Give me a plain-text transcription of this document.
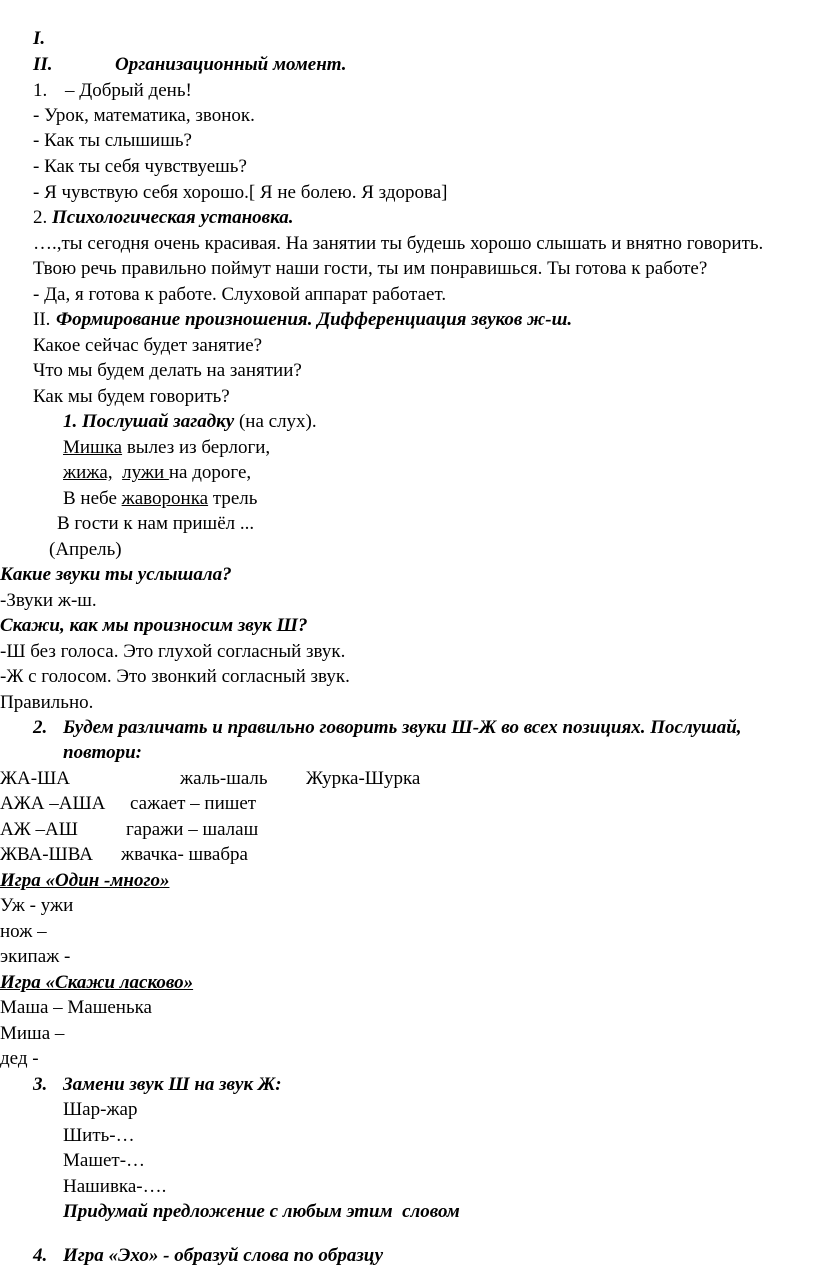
I.
II.	Организационный момент.
1. – Добрый день!
- Урок, математика, звонок.
- Как ты слышишь?
- Как ты себя чувствуешь?
- Я чувствую себя хорошо.[ Я не болею. Я здорова]
2. Психологическая установка.
….,ты сегодня очень красивая. На занятии ты будешь хорошо слышать и внятно говорить.
Твою речь правильно поймут наши гости, ты им понравишься. Ты готова к работе?
- Да, я готова к работе. Слуховой аппарат работает.
II. Формирование произношения. Дифференциация звуков ж-ш.
Какое сейчас будет занятие?
Что мы будем делать на занятии?
Как мы будем говорить?
1. Послушай загадку (на слух).
Мишка вылез из берлоги,
жижа, лужи на дороге,
В небе жаворонка трель
В гости к нам пришёл ...
(Апрель)
Какие звуки ты услышала?
-Звуки ж-ш.
Скажи, как мы произносим звук Ш?
-Ш без голоса. Это глухой согласный звук.
-Ж с голосом. Это звонкий согласный звук.
Правильно.
2. Будем различать и правильно говорить звуки Ш-Ж во всех позициях. Послушай,
повтори:
ЖА-ША	жаль-шаль Журка-Шурка
АЖА –АША сажает – пишет
АЖ –АШ	гаражи – шалаш
ЖВА-ШВА жвачка- швабра
Игра «Один -много»
Уж - ужи
нож –
экипаж -
Игра «Скажи ласково»
Маша – Машенька
Миша –
дед -
3. Замени звук Ш на звук Ж:
Шар-жар
Шить-…
Машет-…
Нашивка-….
Придумай предложение с любым этим  словом
4. Игра «Эхо» - образуй слова по образцу
